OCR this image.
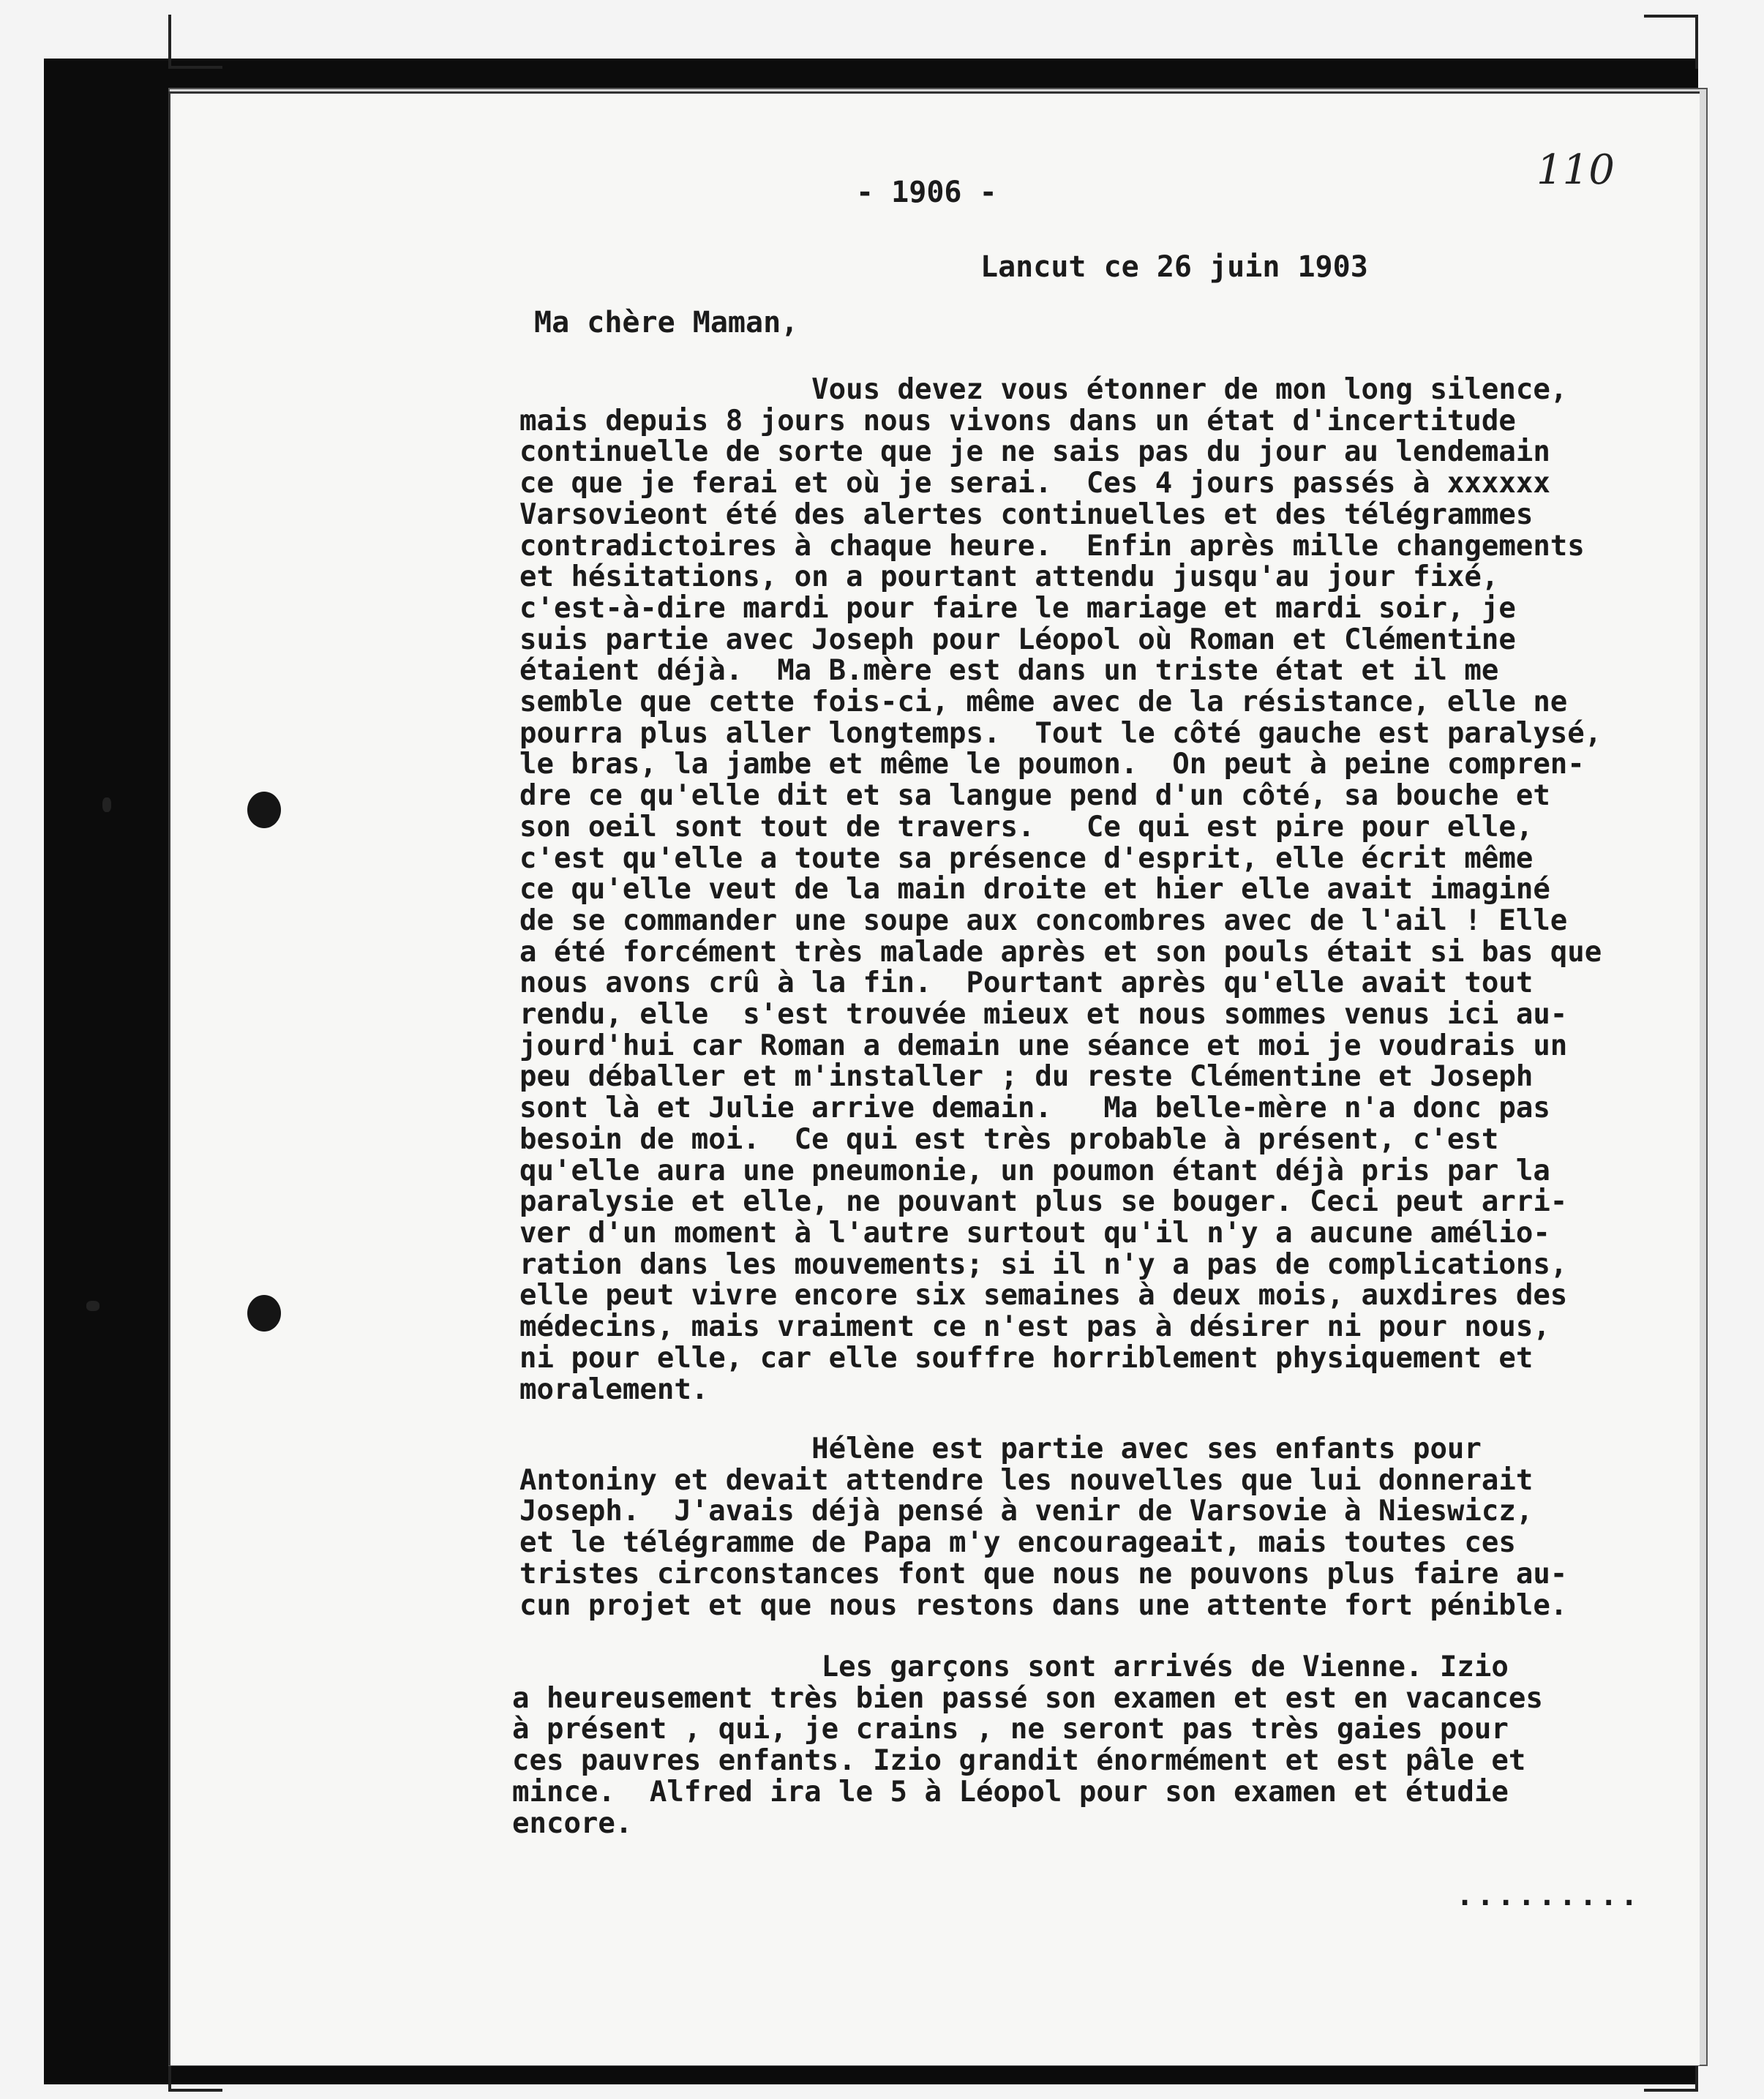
- 1906 -	110
Lancut ce 26 juin 1903
Ma chère Maman,
Vous devez vous étonner de mon long silence,
mais depuis 8 jours nous vivons dans un état d'incertitude
continuelle de sorte que je ne sais pas du jour au lendemain
ce que je ferai et où je serai.  Ces 4 jours passés à xxxxxx
Varsovieont été des alertes continuelles et des télégrammes
contradictoires à chaque heure.  Enfin après mille changements
et hésitations, on a pourtant attendu jusqu'au jour fixé,
c'est-à-dire mardi pour faire le mariage et mardi soir, je
suis partie avec Joseph pour Léopol où Roman et Clémentine
étaient déjà.  Ma B.mère est dans un triste état et il me
semble que cette fois-ci, même avec de la résistance, elle ne
pourra plus aller longtemps.  Tout le côté gauche est paralysé,
le bras, la jambe et même le poumon.  On peut à peine compren-
dre ce qu'elle dit et sa langue pend d'un côté, sa bouche et
son oeil sont tout de travers.   Ce qui est pire pour elle,
c'est qu'elle a toute sa présence d'esprit, elle écrit même
ce qu'elle veut de la main droite et hier elle avait imaginé
de se commander une soupe aux concombres avec de l'ail ! Elle
a été forcément très malade après et son pouls était si bas que
nous avons crû à la fin.  Pourtant après qu'elle avait tout
rendu, elle  s'est trouvée mieux et nous sommes venus ici au-
jourd'hui car Roman a demain une séance et moi je voudrais un
peu déballer et m'installer ; du reste Clémentine et Joseph
sont là et Julie arrive demain.   Ma belle-mère n'a donc pas
besoin de moi.  Ce qui est très probable à présent, c'est
qu'elle aura une pneumonie, un poumon étant déjà pris par la
paralysie et elle, ne pouvant plus se bouger. Ceci peut arri-
ver d'un moment à l'autre surtout qu'il n'y a aucune amélio-
ration dans les mouvements; si il n'y a pas de complications,
elle peut vivre encore six semaines à deux mois, auxdires des
médecins, mais vraiment ce n'est pas à désirer ni pour nous,
ni pour elle, car elle souffre horriblement physiquement et
moralement.
Hélène est partie avec ses enfants pour
Antoniny et devait attendre les nouvelles que lui donnerait
Joseph.  J'avais déjà pensé à venir de Varsovie à Nieswicz,
et le télégramme de Papa m'y encourageait, mais toutes ces
tristes circonstances font que nous ne pouvons plus faire au-
cun projet et que nous restons dans une attente fort pénible.
Les garçons sont arrivés de Vienne. Izio
a heureusement très bien passé son examen et est en vacances
à présent , qui, je crains , ne seront pas très gaies pour
ces pauvres enfants. Izio grandit énormément et est pâle et
mince.  Alfred ira le 5 à Léopol pour son examen et étudie
encore.
.........
